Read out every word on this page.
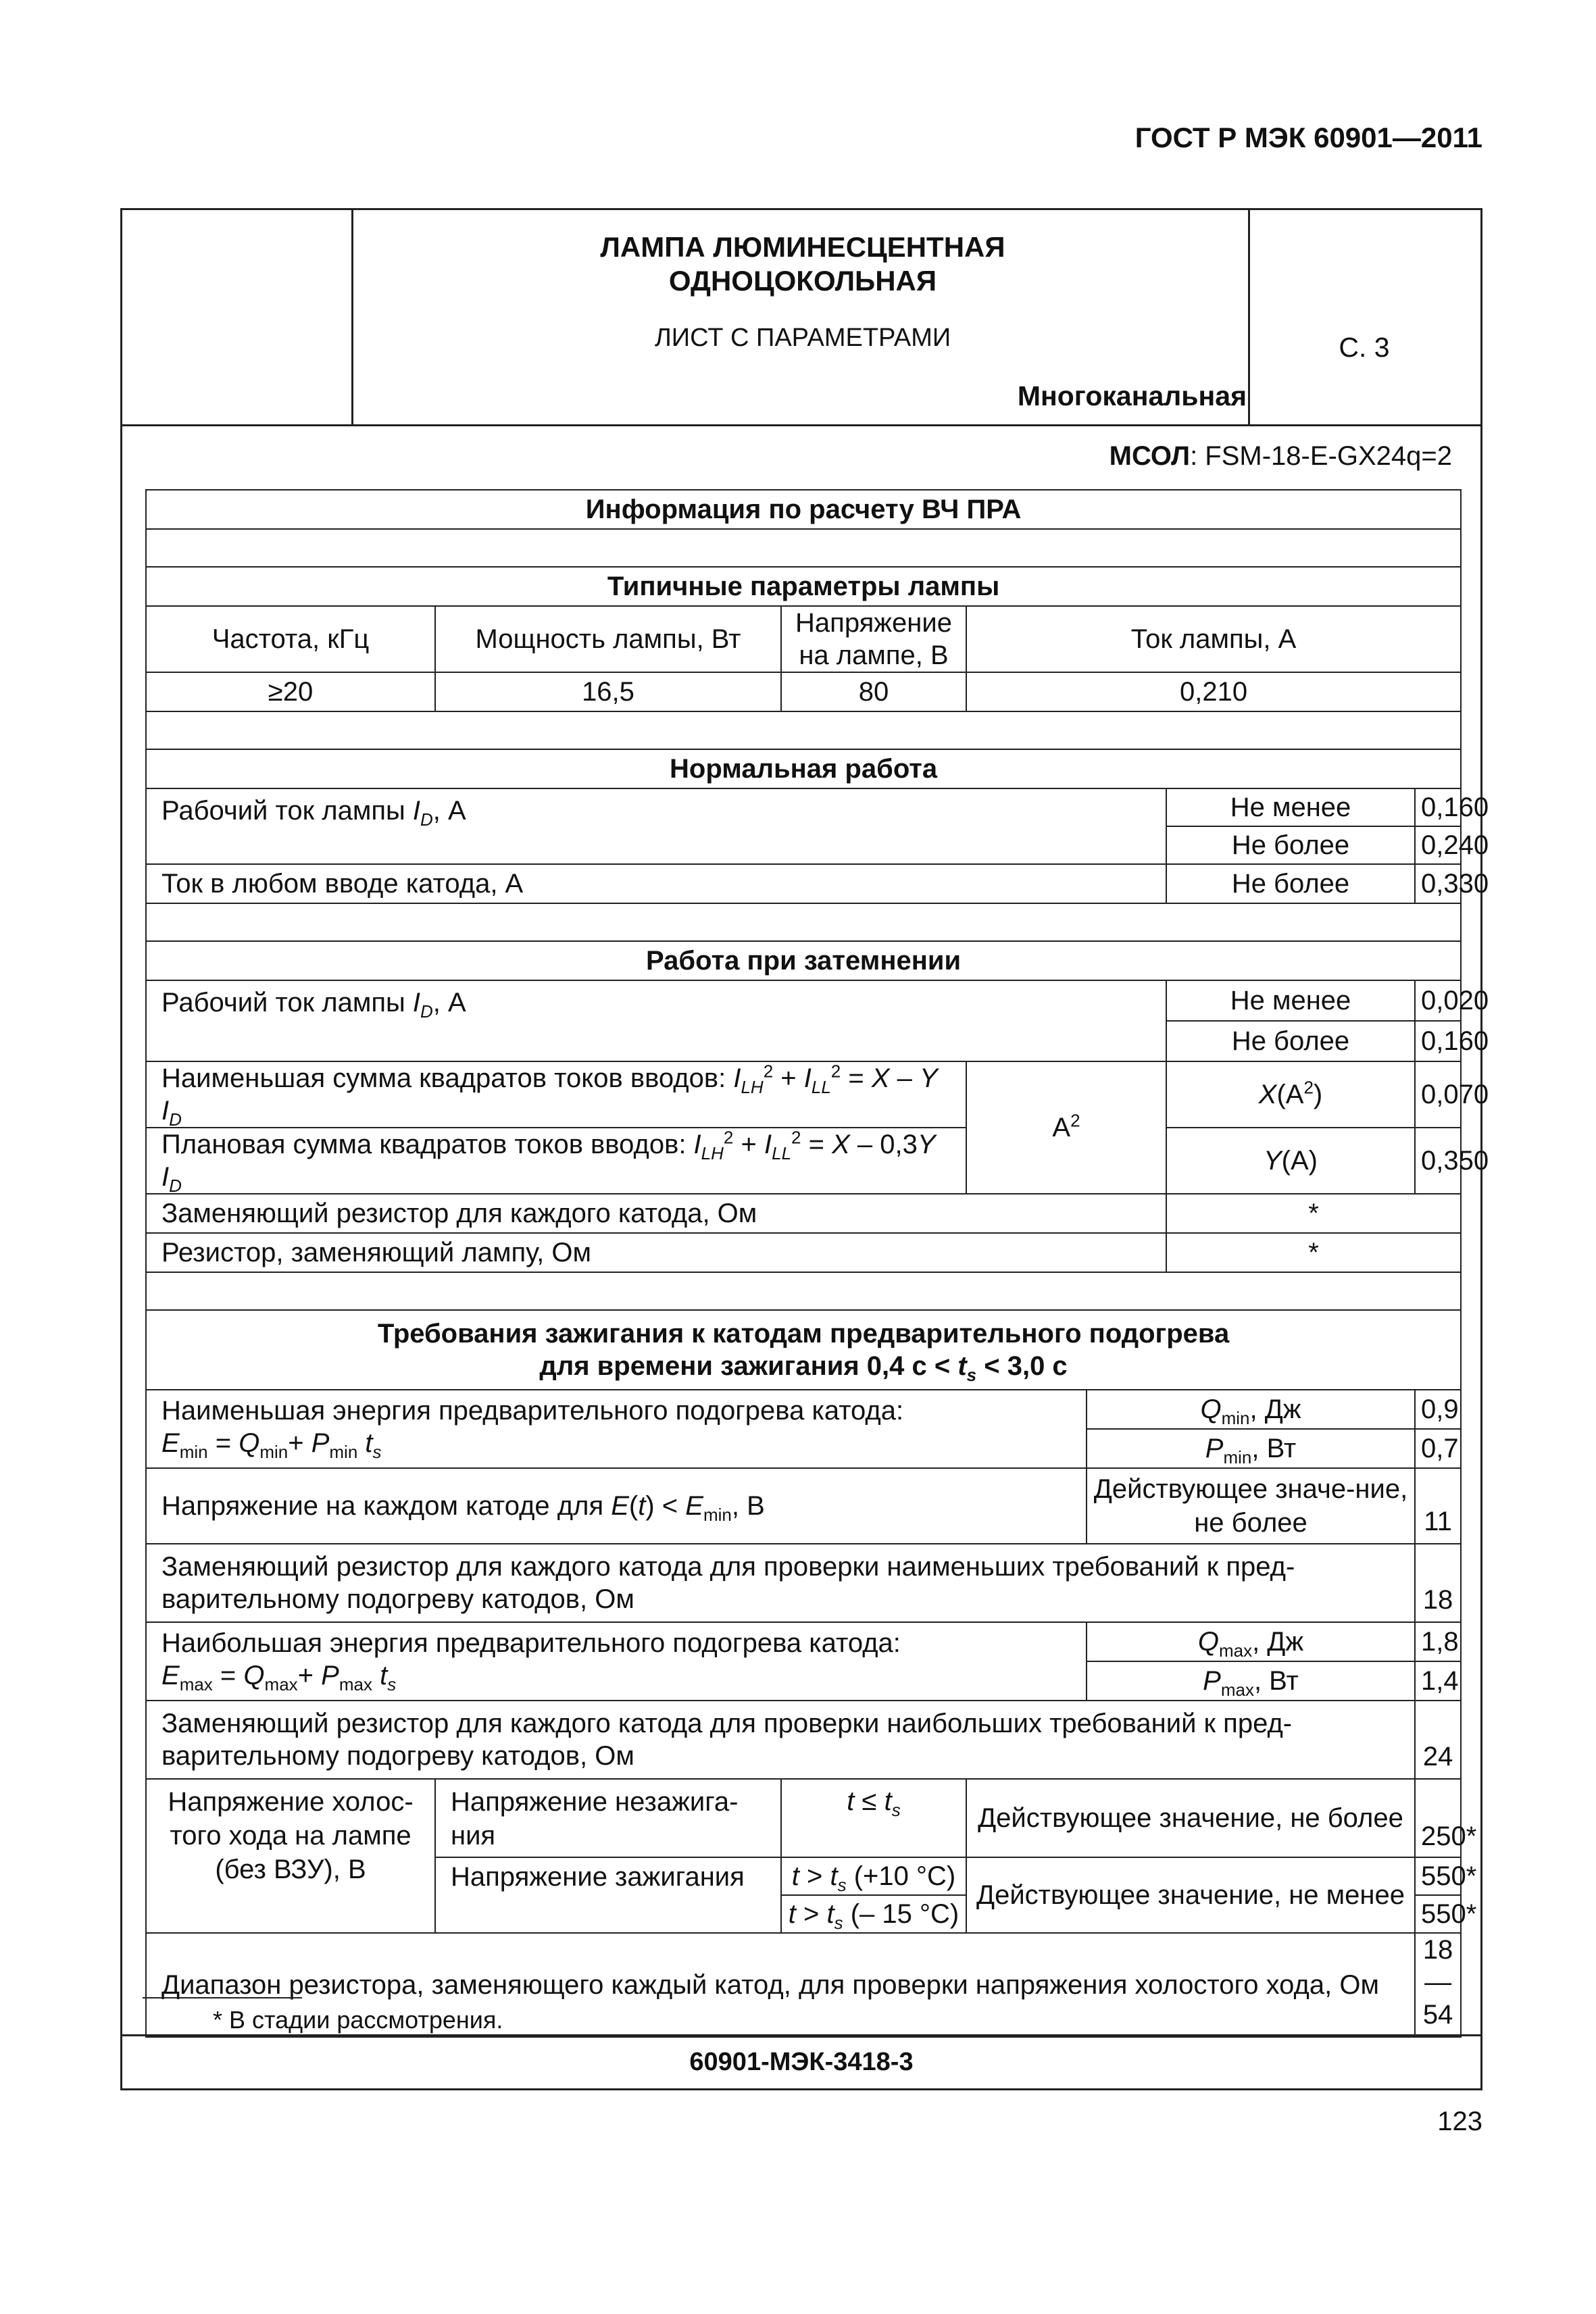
ГОСТ Р МЭК 60901—2011
ЛАМПА ЛЮМИНЕСЦЕНТНАЯ
ОДНОЦОКОЛЬНАЯ
ЛИСТ С ПАРАМЕТРАМИ
Многоканальная
С. 3
МСОЛ: FSM-18-E-GX24q=2
Информация по расчету ВЧ ПРА						

Типичные параметры лампы						
Частота, кГц	Мощность лампы, Вт	Напряжение на лампе, В	Ток лампы, А			
≥20	16,5	80	0,210			

Нормальная работа						
Рабочий ток лампы $I_D$, А					Не менее	0,160
					Не более	0,240
Ток в любом вводе катода, А					Не более	0,330

Работа при затемнении						
Рабочий ток лампы $I_D$, А					Не менее	0,020
					Не более	0,160
Наименьшая сумма квадратов токов вводов: $I_{LH}^2 + I_{LL}^2 = X - Y$ $I_D$			$А^2$		$X(А^2)$	0,070
Плановая сумма квадратов токов вводов: $I_{LH}^2 + I_{LL}^2 = X - 0,3Y$ $I_D$					Y(А)	0,350
Заменяющий резистор для каждого катода, Ом					*	
Резистор, заменяющий лампу, Ом					*	

Требования зажигания к катодам предварительного подогрева
для времени зажигания 0,4 $с < t_s < 3,0$ с						

Наименьшая энергия предварительного подогрева катода:
$E_{min} = Q_{min}+ P_{min}$ $t_s$				$Q_{min}$, Дж		0,9
				$P_{min}$, Вт		0,7
Напряжение на каждом катоде для $E(t) < E_{min}$, В				Действующее значе-ние, не более		11
Заменяющий резистор для каждого катода для проверки наименьших требований к пред-варительному подогреву катодов, Ом						18

Наибольшая энергия предварительного подогрева катода:
$E_{max} = Q_{max}+ P_{max}$ $t_s$				$Q_{max}$, Дж		1,8
				$P_{max}$, Вт		1,4
Заменяющий резистор для каждого катода для проверки наибольших требований к пред-варительному подогреву катодов, Ом						24
Напряжение холос-того хода на лампе (без ВЗУ), В	Напряжение незажига-ния	$t \le t_s$	Действующее значение, не более			250*
	Напряжение зажигания	$t > t_s$ (+10 °C)	Действующее значение, не менее			550*
		$t > t_s$ (– 15 °C)				550*
Диапазон резистора, заменяющего каждый катод, для проверки напряжения холостого хода, Ом						18—54
* В стадии рассмотрения.
60901-МЭК-3418-3
123
